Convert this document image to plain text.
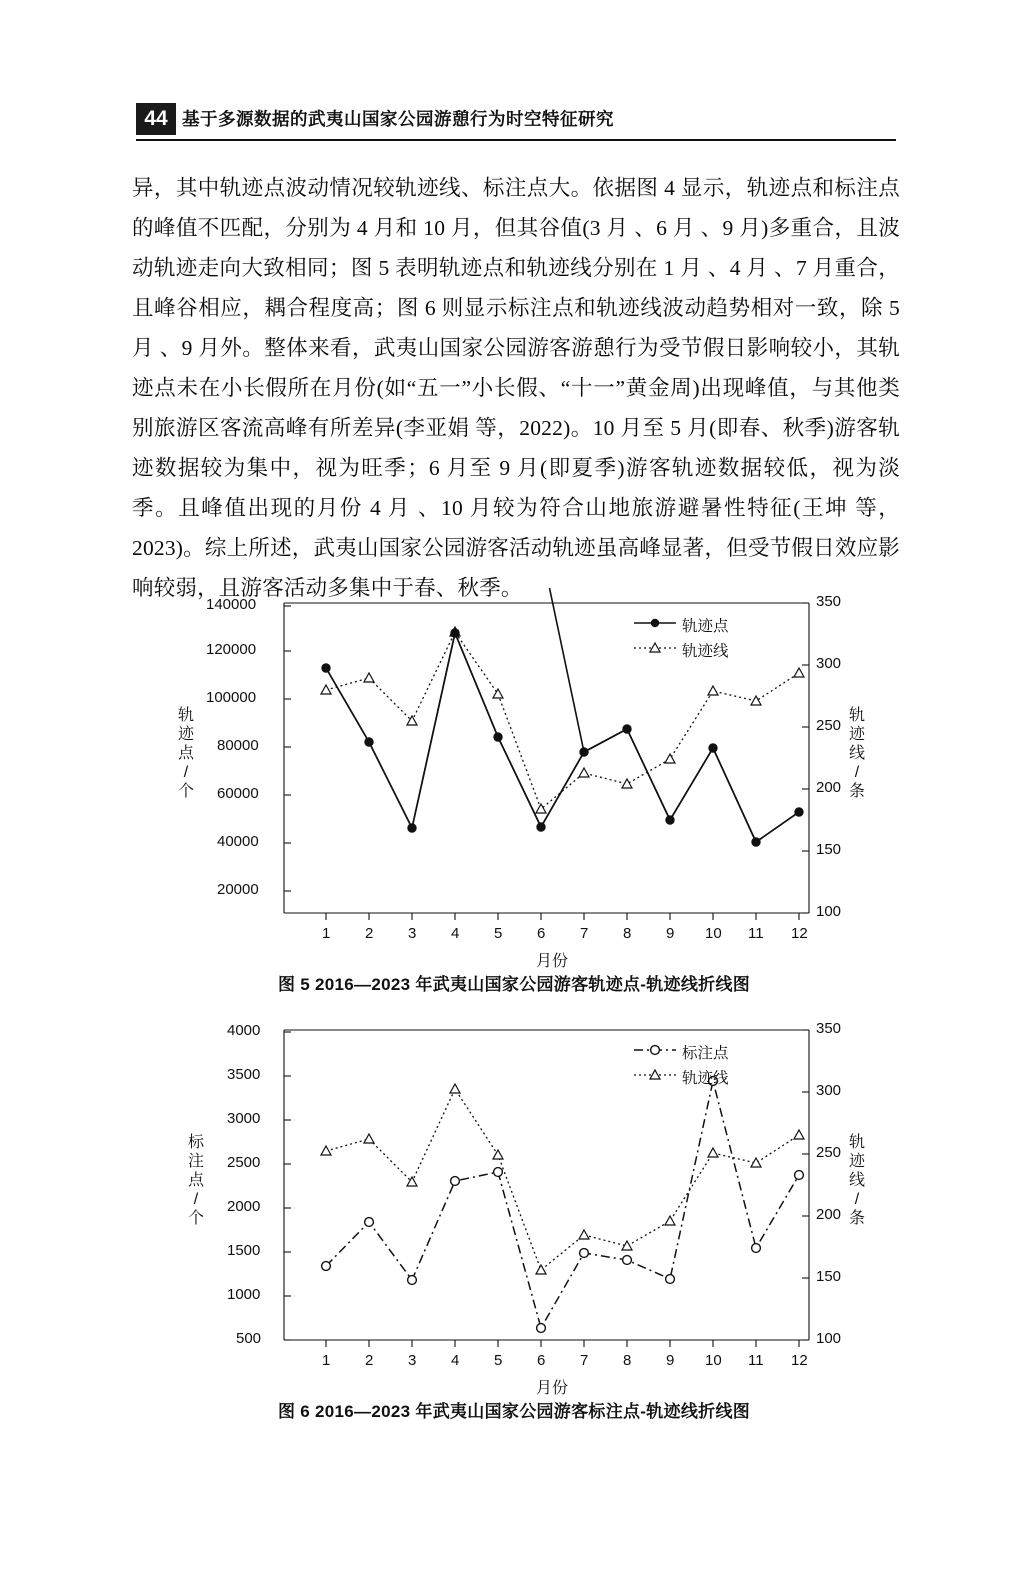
44 基于多源数据的武夷山国家公园游憩行为时空特征研究

异，其中轨迹点波动情况较轨迹线、标注点大。依据图 4 显示，轨迹点和标注点的峰值不匹配，分别为 4 月和 10 月，但其谷值(3 月 、6 月 、9 月)多重合，且波动轨迹走向大致相同；图 5 表明轨迹点和轨迹线分别在 1 月 、4 月 、7 月重合，且峰谷相应，耦合程度高；图 6 则显示标注点和轨迹线波动趋势相对一致，除 5 月 、9 月外。整体来看，武夷山国家公园游客游憩行为受节假日影响较小，其轨迹点未在小长假所在月份(如“五一”小长假、“十一”黄金周)出现峰值，与其他类别旅游区客流高峰有所差异(李亚娟 等，2022)。10 月至 5 月(即春、秋季)游客轨迹数据较为集中，视为旺季；6 月至 9 月(即夏季)游客轨迹数据较低，视为淡季。且峰值出现的月份 4 月 、10 月较为符合山地旅游避暑性特征(王坤 等，2023)。综上所述，武夷山国家公园游客活动轨迹虽高峰显著，但受节假日效应影响较弱，且游客活动多集中于春、秋季。

140000
120000
100000
80000
60000
40000
20000
350
300
250
200
150
100
1 2 3 4 5 6 7 8 9 10 11 12
轨迹点 / 个
轨迹线 / 条
月份
轨迹点
轨迹线
图 5 2016—2023 年武夷山国家公园游客轨迹点-轨迹线折线图
4000
3500
3000
2500
2000
1500
1000
500
350
300
250
200
150
100
1 2 3 4 5 6 7 8 9 10 11 12
标注点 / 个
轨迹线 / 条
月份
标注点
轨迹线
图 6 2016—2023 年武夷山国家公园游客标注点-轨迹线折线图
